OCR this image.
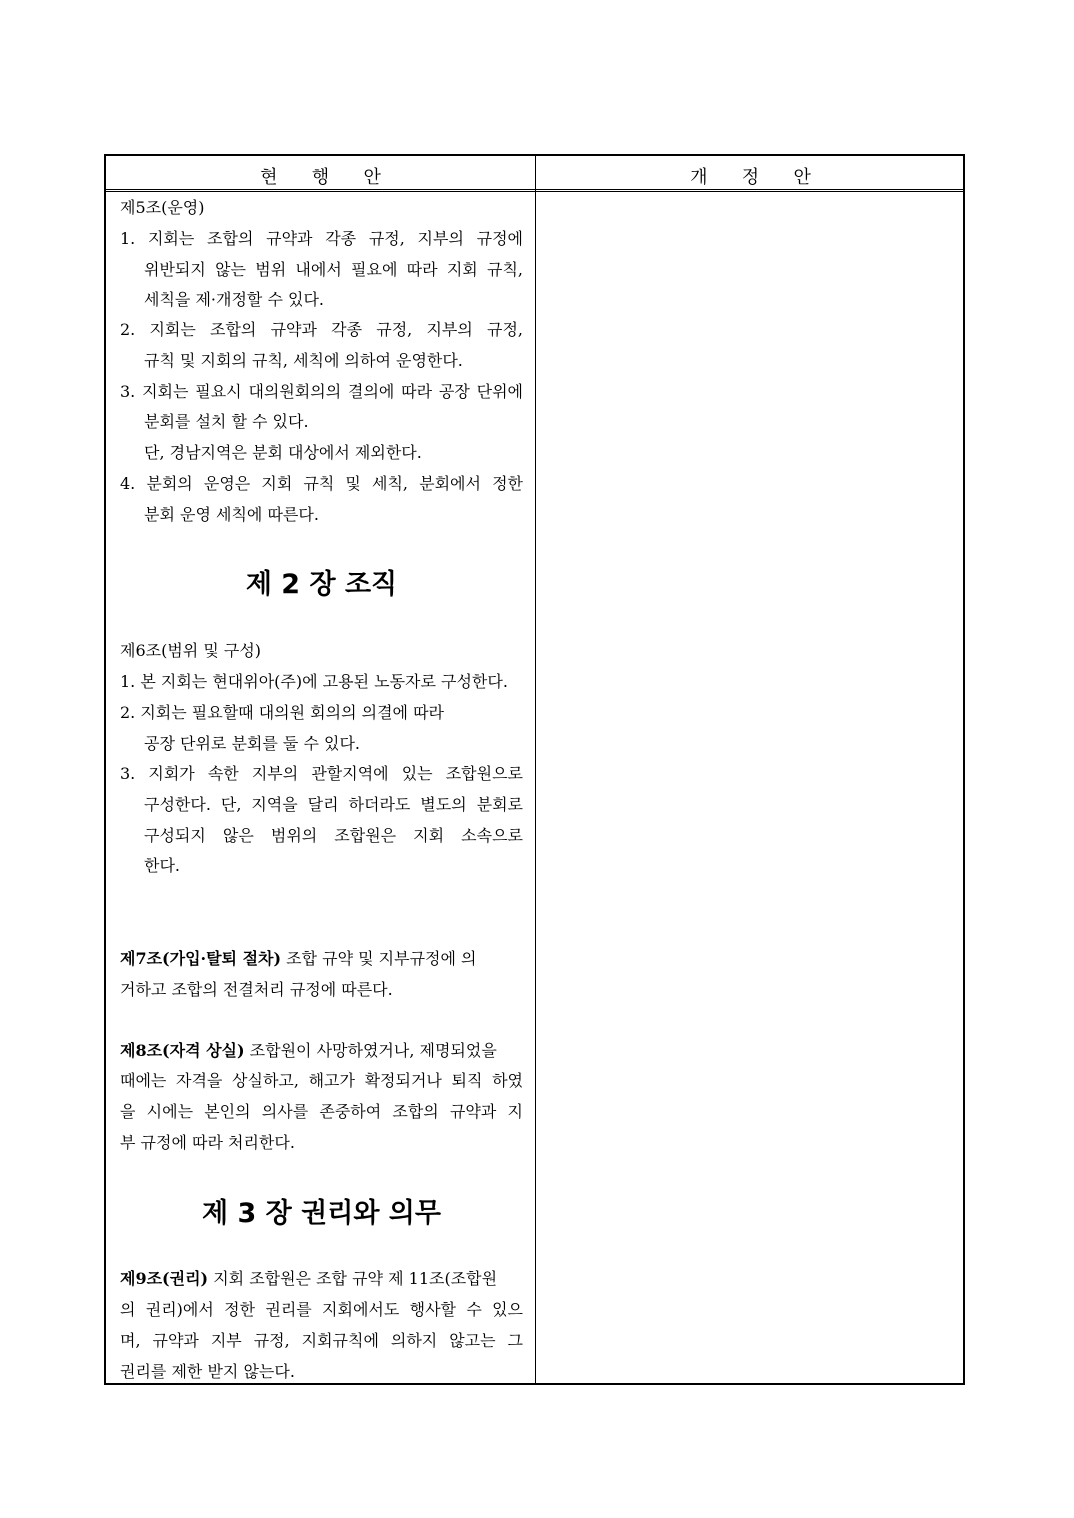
현      행      안	개      정      안
제5조(운영)
1. 지회는 조합의 규약과 각종 규정, 지부의 규정에
위반되지 않는 범위 내에서 필요에 따라 지회 규칙,
세칙을 제·개정할 수 있다.
2. 지회는 조합의 규약과 각종 규정, 지부의 규정,
규칙 및 지회의 규칙, 세칙에 의하여 운영한다.
3. 지회는 필요시 대의원회의의 결의에 따라 공장 단위에
분회를 설치 할 수 있다.
단, 경남지역은 분회 대상에서 제외한다.
4. 분회의 운영은 지회 규칙 및 세칙, 분회에서 정한
분회 운영 세칙에 따른다.
제 2 장 조직
제6조(범위 및 구성)
1. 본 지회는 현대위아(주)에 고용된 노동자로 구성한다.
2. 지회는 필요할때 대의원 회의의 의결에 따라
공장 단위로 분회를 둘 수 있다.
3. 지회가 속한 지부의 관할지역에 있는 조합원으로
구성한다. 단, 지역을 달리 하더라도 별도의 분회로
구성되지 않은 범위의 조합원은 지회 소속으로
한다.
제7조(가입·탈퇴 절차) 조합 규약 및 지부규정에 의
거하고 조합의 전결처리 규정에 따른다.
제8조(자격 상실) 조합원이 사망하였거나, 제명되었을
때에는 자격을 상실하고, 해고가 확정되거나 퇴직 하였
을 시에는 본인의 의사를 존중하여 조합의 규약과 지
부 규정에 따라 처리한다.
제 3 장 권리와 의무
제9조(권리) 지회 조합원은 조합 규약 제 11조(조합원
의 권리)에서 정한 권리를 지회에서도 행사할 수 있으
며, 규약과 지부 규정, 지회규칙에 의하지 않고는 그
권리를 제한 받지 않는다.
